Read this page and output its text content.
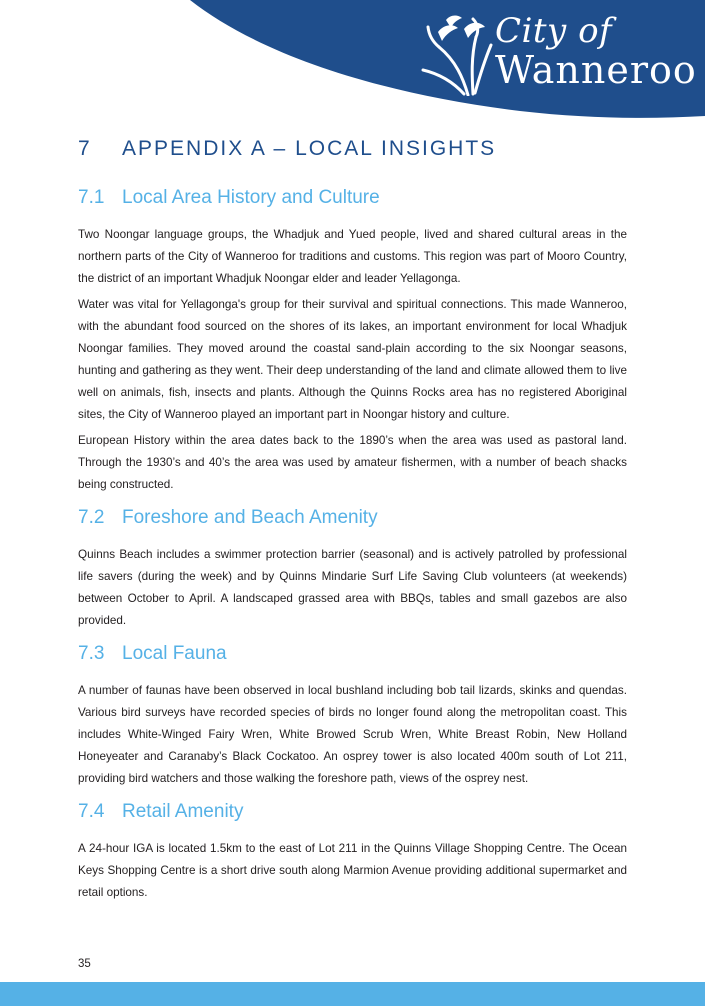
City of
Wanneroo
7 APPENDIX A – LOCAL INSIGHTS
7.1 Local Area History and Culture

Two Noongar language groups, the Whadjuk and Yued people, lived and shared cultural areas in the northern parts of the City of Wanneroo for traditions and customs. This region was part of Mooro Country, the district of an important Whadjuk Noongar elder and leader Yellagonga.

Water was vital for Yellagonga's group for their survival and spiritual connections. This made Wanneroo, with the abundant food sourced on the shores of its lakes, an important environment for local Whadjuk Noongar families. They moved around the coastal sand-plain according to the six Noongar seasons, hunting and gathering as they went. Their deep understanding of the land and climate allowed them to live well on animals, fish, insects and plants. Although the Quinns Rocks area has no registered Aboriginal sites, the City of Wanneroo played an important part in Noongar history and culture.

European History within the area dates back to the 1890’s when the area was used as pastoral land. Through the 1930’s and 40’s the area was used by amateur fishermen, with a number of beach shacks being constructed.

7.2 Foreshore and Beach Amenity

Quinns Beach includes a swimmer protection barrier (seasonal) and is actively patrolled by professional life savers (during the week) and by Quinns Mindarie Surf Life Saving Club volunteers (at weekends) between October to April. A landscaped grassed area with BBQs, tables and small gazebos are also provided.

7.3 Local Fauna

A number of faunas have been observed in local bushland including bob tail lizards, skinks and quendas. Various bird surveys have recorded species of birds no longer found along the metropolitan coast. This includes White-Winged Fairy Wren, White Browed Scrub Wren, White Breast Robin, New Holland Honeyeater and Caranaby’s Black Cockatoo. An osprey tower is also located 400m south of Lot 211, providing bird watchers and those walking the foreshore path, views of the osprey nest.

7.4 Retail Amenity

A 24-hour IGA is located 1.5km to the east of Lot 211 in the Quinns Village Shopping Centre. The Ocean Keys Shopping Centre is a short drive south along Marmion Avenue providing additional supermarket and retail options.

35
